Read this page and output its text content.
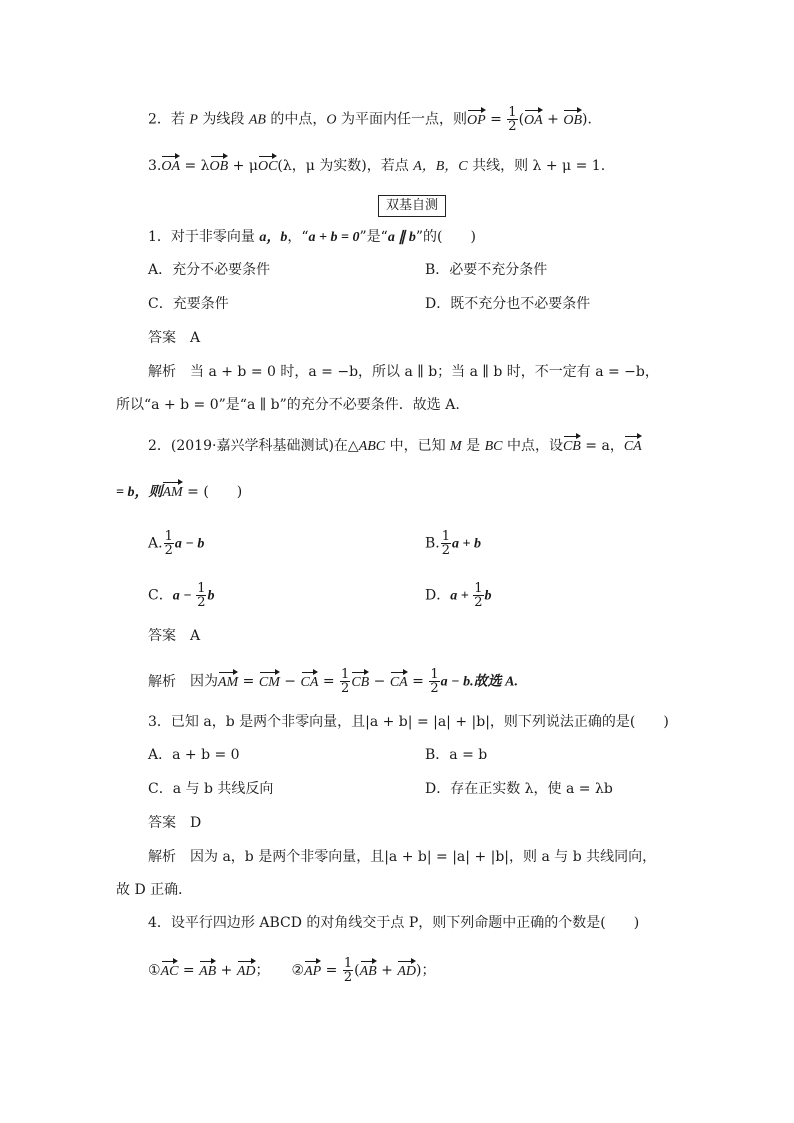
2．若 P 为线段 AB 的中点，O 为平面内任一点，则OP = $\frac{1}{2} (OA + OB)$．
3.OA = λOB + μOC(λ，μ 为实数)，若点 A，B，C 共线，则 λ + μ = 1.
双基自测
1．对于非零向量 a，b，“a + b = 0”是“a ∥ b”的(　　)
A．充分不必要条件	B．必要不充分条件
C．充要条件	D．既不充分也不必要条件
答案 A
解析 当 a + b = 0 时，a = −b，所以 a ∥ b；当 a ∥ b 时，不一定有 a = −b，
所以“a + b = 0”是“a ∥ b”的充分不必要条件．故选 A.
2．(2019·嘉兴学科基础测试)在△ABC 中，已知 M 是 BC 中点，设CB = a，CA
= b，则AM = (　　)
A. $\frac{1}{2}$ a − b	B. $\frac{1}{2}$ a + b
C．$a - \frac{1}{2}$ b	D．$a + \frac{1}{2}$ b
答案 A
解析 因为AM = CM − CA = $\frac{1}{2}$ CB − CA = $\frac{1}{2}$ a − b.故选 A.
3．已知 a，b 是两个非零向量，且|a + b| = |a| + |b|，则下列说法正确的是(　　)
A．a + b = 0	B．a = b
C．a 与 b 共线反向	D．存在正实数 λ，使 a = λb
答案 D
解析 因为 a，b 是两个非零向量，且|a + b| = |a| + |b|，则 a 与 b 共线同向，
故 D 正确．
4．设平行四边形 ABCD 的对角线交于点 P，则下列命题中正确的个数是(　　)
①AC = AB + AD； ②AP = $\frac{1}{2} (AB + AD)$；
